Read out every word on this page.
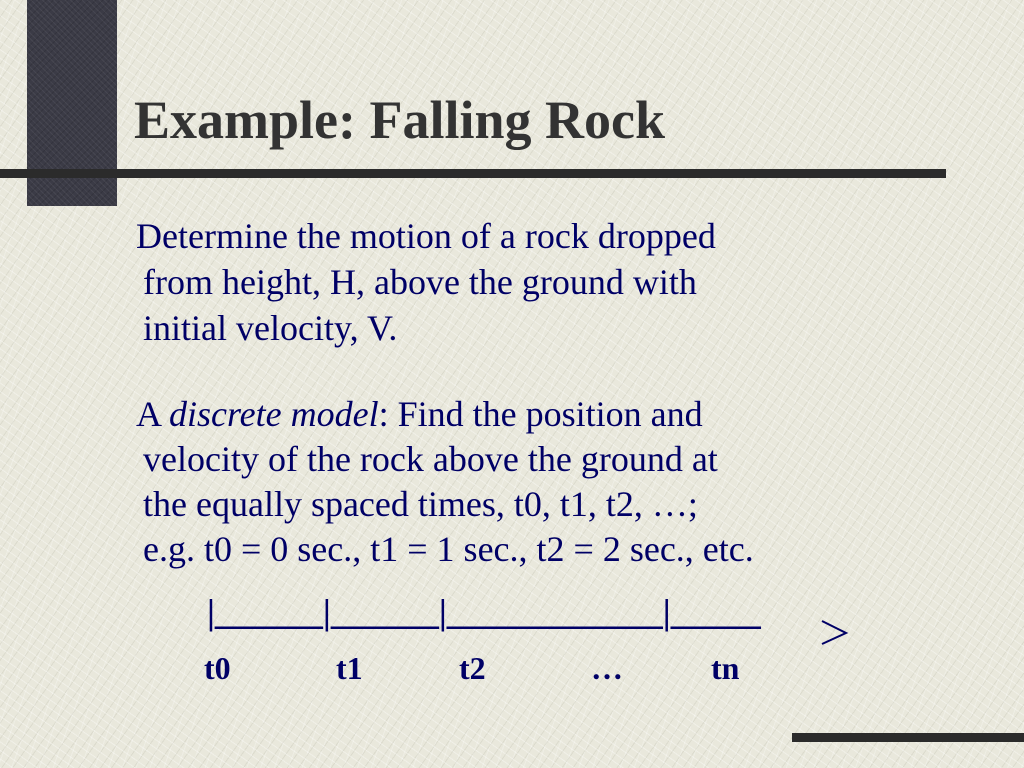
Example: Falling Rock
Determine the motion of a rock dropped
from height, H, above the ground with
initial velocity, V.
A discrete model: Find the position and
velocity of the rock above the ground at
the equally spaced times, t0, t1, t2, …;
e.g. t0 = 0 sec., t1 = 1 sec., t2 = 2 sec., etc.
|______|______|____________|_____
t0	t1	t2	…	tn
